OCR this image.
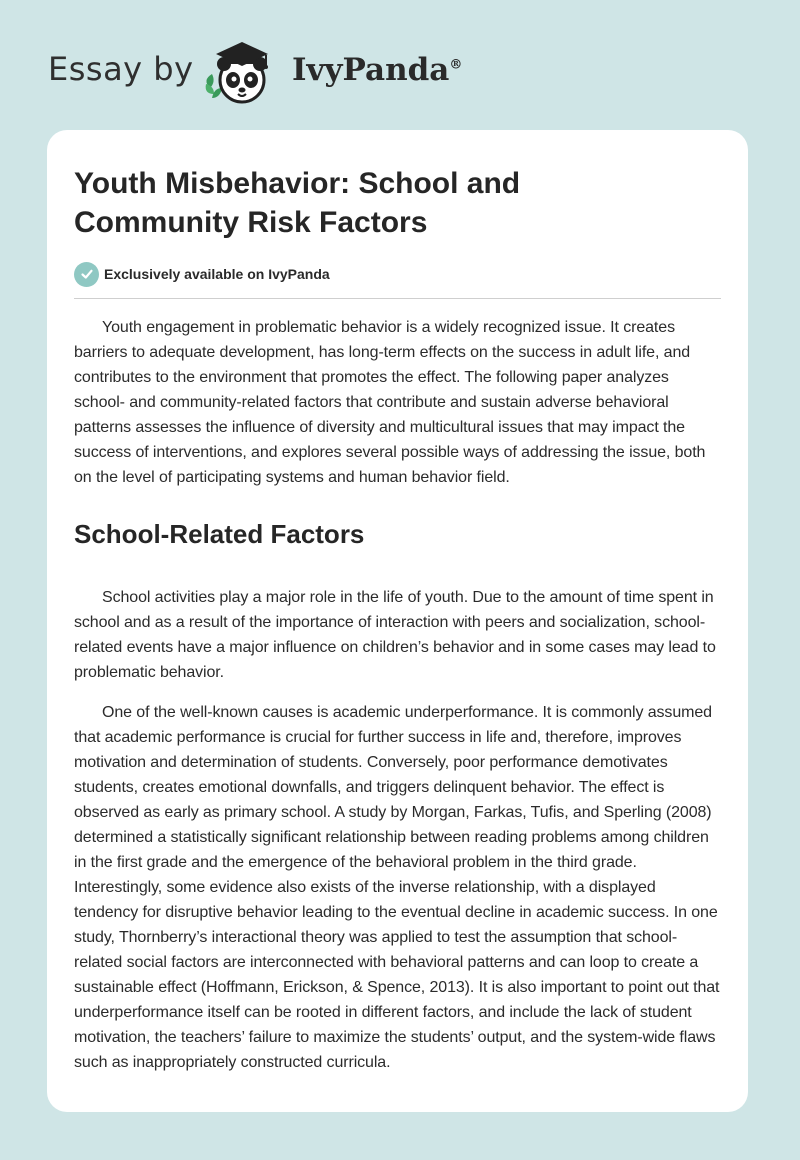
Essay by	IvyPanda®
Youth Misbehavior: School and Community Risk Factors
Exclusively available on IvyPanda

Youth engagement in problematic behavior is a widely recognized issue. It creates barriers to adequate development, has long-term effects on the success in adult life, and contributes to the environment that promotes the effect. The following paper analyzes school- and community-related factors that contribute and sustain adverse behavioral patterns assesses the influence of diversity and multicultural issues that may impact the success of interventions, and explores several possible ways of addressing the issue, both on the level of participating systems and human behavior field.

School-Related Factors

School activities play a major role in the life of youth. Due to the amount of time spent in school and as a result of the importance of interaction with peers and socialization, school-related events have a major influence on children’s behavior and in some cases may lead to problematic behavior.

One of the well-known causes is academic underperformance. It is commonly assumed that academic performance is crucial for further success in life and, therefore, improves motivation and determination of students. Conversely, poor performance demotivates students, creates emotional downfalls, and triggers delinquent behavior. The effect is observed as early as primary school. A study by Morgan, Farkas, Tufis, and Sperling (2008) determined a statistically significant relationship between reading problems among children in the first grade and the emergence of the behavioral problem in the third grade. Interestingly, some evidence also exists of the inverse relationship, with a displayed tendency for disruptive behavior leading to the eventual decline in academic success. In one study, Thornberry’s interactional theory was applied to test the assumption that school-related social factors are interconnected with behavioral patterns and can loop to create a sustainable effect (Hoffmann, Erickson, & Spence, 2013). It is also important to point out that underperformance itself can be rooted in different factors, and include the lack of student motivation, the teachers’ failure to maximize the students’ output, and the system-wide flaws such as inappropriately constructed curricula.
